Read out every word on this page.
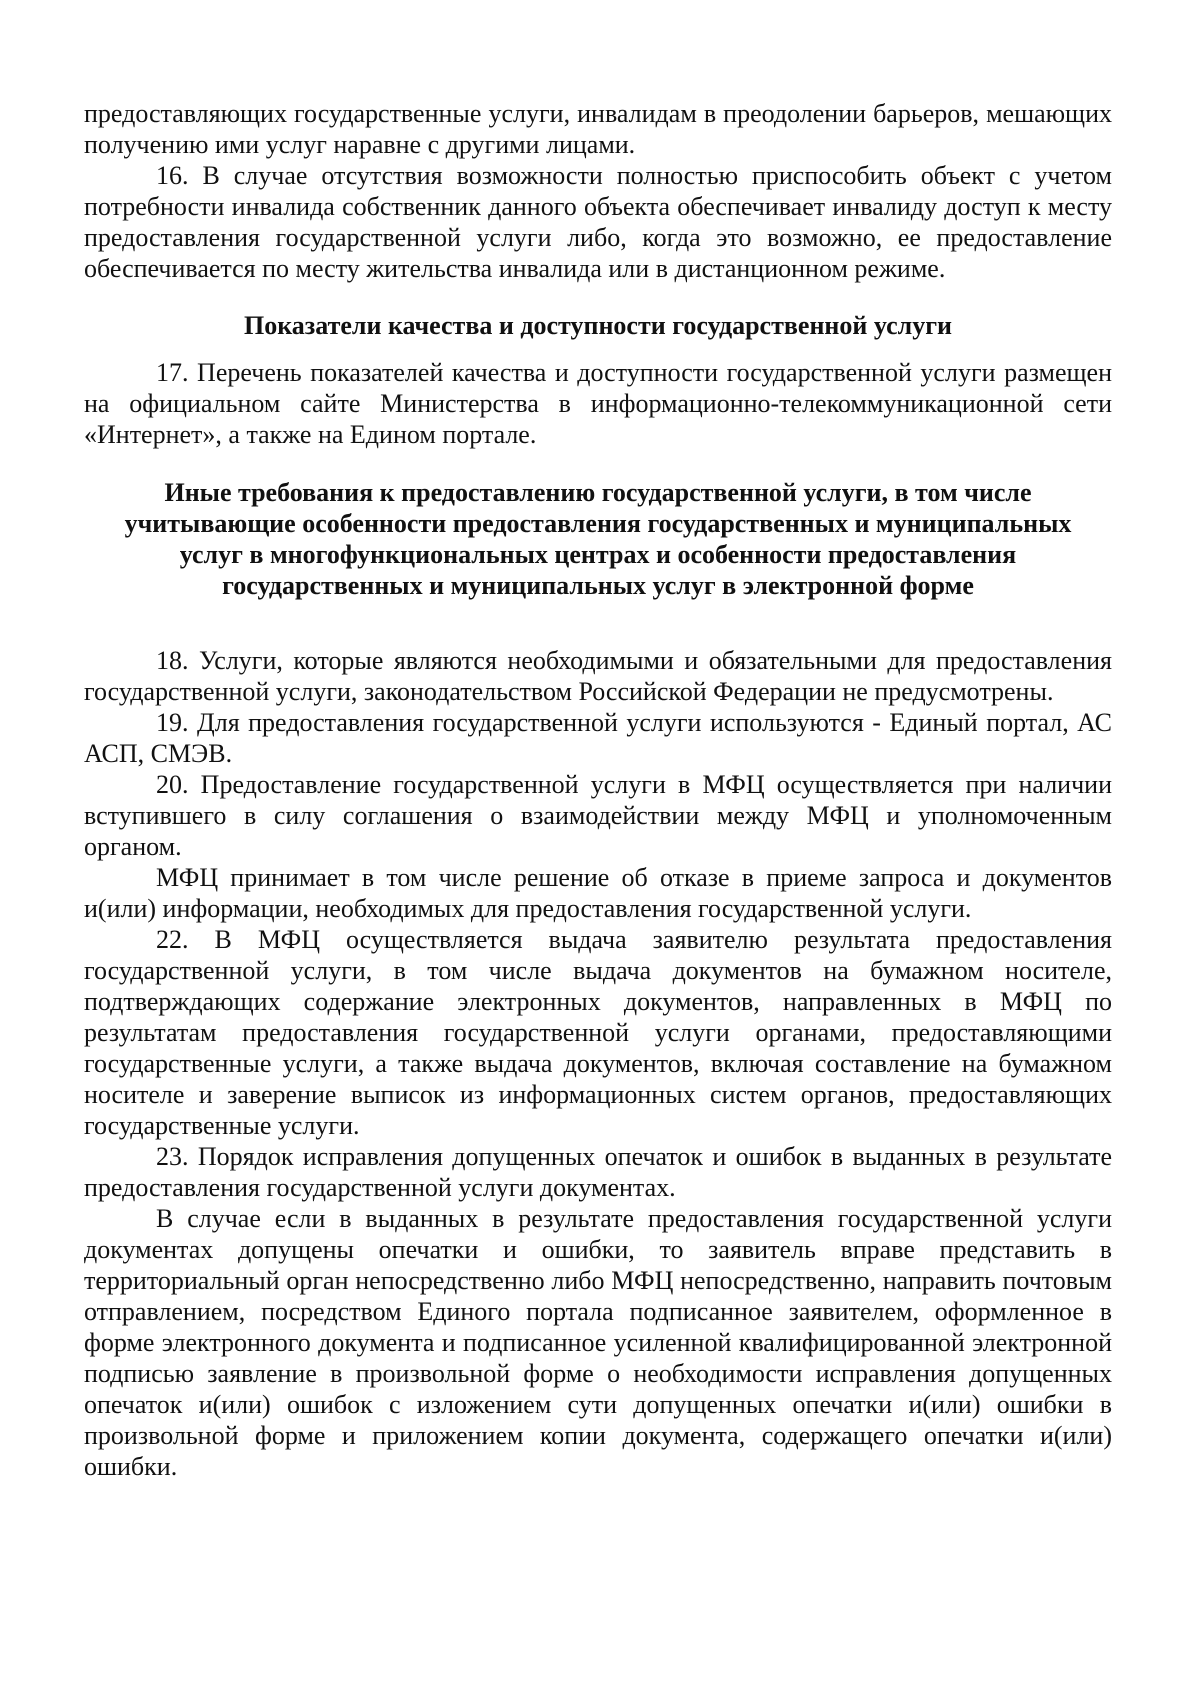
предоставляющих государственные услуги, инвалидам в преодолении барьеров, мешающих получению ими услуг наравне с другими лицами.

16. В случае отсутствия возможности полностью приспособить объект с учетом потребности инвалида собственник данного объекта обеспечивает инвалиду доступ к месту предоставления государственной услуги либо, когда это возможно, ее предоставление обеспечивается по месту жительства инвалида или в дистанционном режиме.

Показатели качества и доступности государственной услуги

17. Перечень показателей качества и доступности государственной услуги размещен на официальном сайте Министерства в информационно-телекоммуникационной сети «Интернет», а также на Едином портале.

Иные требования к предоставлению государственной услуги, в том числе учитывающие особенности предоставления государственных и муниципальных услуг в многофункциональных центрах и особенности предоставления государственных и муниципальных услуг в электронной форме

18. Услуги, которые являются необходимыми и обязательными для предоставления государственной услуги, законодательством Российской Федерации не предусмотрены.

19. Для предоставления государственной услуги используются - Единый портал, АС АСП, СМЭВ.

20. Предоставление государственной услуги в МФЦ осуществляется при наличии вступившего в силу соглашения о взаимодействии между МФЦ и уполномоченным органом.

МФЦ принимает в том числе решение об отказе в приеме запроса и документов и(или) информации, необходимых для предоставления государственной услуги.

22. В МФЦ осуществляется выдача заявителю результата предоставления государственной услуги, в том числе выдача документов на бумажном носителе, подтверждающих содержание электронных документов, направленных в МФЦ по результатам предоставления государственной услуги органами, предоставляющими государственные услуги, а также выдача документов, включая составление на бумажном носителе и заверение выписок из информационных систем органов, предоставляющих государственные услуги.

23. Порядок исправления допущенных опечаток и ошибок в выданных в результате предоставления государственной услуги документах.

В случае если в выданных в результате предоставления государственной услуги документах допущены опечатки и ошибки, то заявитель вправе представить в территориальный орган непосредственно либо МФЦ непосредственно, направить почтовым отправлением, посредством Единого портала подписанное заявителем, оформленное в форме электронного документа и подписанное усиленной квалифицированной электронной подписью заявление в произвольной форме о необходимости исправления допущенных опечаток и(или) ошибок с изложением сути допущенных опечатки и(или) ошибки в произвольной форме и приложением копии документа, содержащего опечатки и(или) ошибки.
